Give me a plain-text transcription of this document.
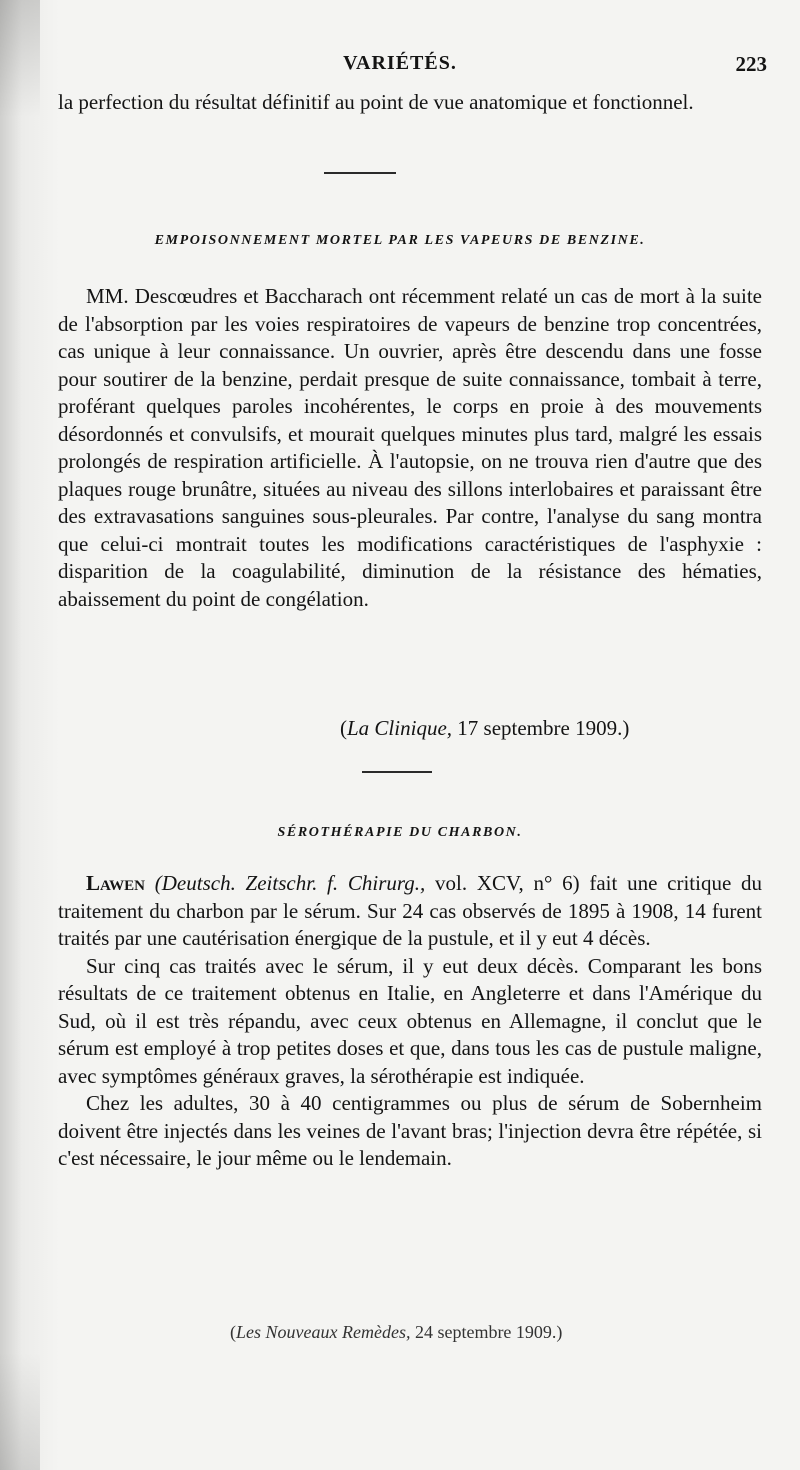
VARIÉTÉS.	223

la perfection du résultat définitif au point de vue anatomique et fonctionnel.

EMPOISONNEMENT MORTEL PAR LES VAPEURS DE BENZINE.

MM. Descœudres et Baccharach ont récemment relaté un cas de mort à la suite de l'absorption par les voies respiratoires de vapeurs de benzine trop concentrées, cas unique à leur connaissance. Un ouvrier, après être descendu dans une fosse pour soutirer de la benzine, perdait presque de suite connaissance, tombait à terre, proférant quelques paroles incohérentes, le corps en proie à des mouvements désordonnés et convulsifs, et mourait quelques minutes plus tard, malgré les essais prolongés de respiration artificielle. À l'autopsie, on ne trouva rien d'autre que des plaques rouge brunâtre, situées au niveau des sillons interlobaires et paraissant être des extravasations sanguines sous-pleurales. Par contre, l'analyse du sang montra que celui-ci montrait toutes les modifications caractéristiques de l'asphyxie : disparition de la coagulabilité, diminution de la résistance des hématies, abaissement du point de congélation.

(La Clinique, 17 septembre 1909.)
SÉROTHÉRAPIE DU CHARBON.

Lawen (Deutsch. Zeitschr. f. Chirurg., vol. XCV, n° 6) fait une critique du traitement du charbon par le sérum. Sur 24 cas observés de 1895 à 1908, 14 furent traités par une cautérisation énergique de la pustule, et il y eut 4 décès.

Sur cinq cas traités avec le sérum, il y eut deux décès. Comparant les bons résultats de ce traitement obtenus en Italie, en Angleterre et dans l'Amérique du Sud, où il est très répandu, avec ceux obtenus en Allemagne, il conclut que le sérum est employé à trop petites doses et que, dans tous les cas de pustule maligne, avec symptômes généraux graves, la sérothérapie est indiquée.

Chez les adultes, 30 à 40 centigrammes ou plus de sérum de Sobernheim doivent être injectés dans les veines de l'avant bras; l'injection devra être répétée, si c'est nécessaire, le jour même ou le lendemain.

(Les Nouveaux Remèdes, 24 septembre 1909.)
